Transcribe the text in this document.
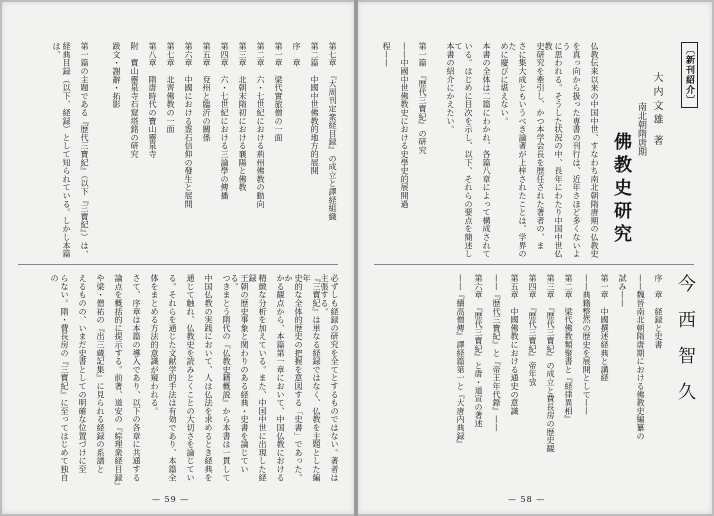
第七章　『大周刊定衆経目録』の成立と譯経組織
第二篇　中國中世佛教的地方的展開
序　章
第一章　梁代實旅僧の一面
第二章　六・七世紀における荊州佛教の動向
第三章　北朝末隋初における襄陽と佛教
第四章　六・七世紀における三論學の傳播
第五章　兗州と臨沂の關係
第六章　中國における霊石信仰の發生と展開
第七章　北齊佛教の一面
第八章　隋唐時代の寶山靈泉寺
附　寶山靈泉寺石窟塔銘の研究
跋文・謝辭・拓影
第一篇の主題である『歴代三寶紀』（以下『三寶紀』）は、
経典目録（以下、経録）として知られている。しかし本篇は、
必ずしも経録の研究を全てとするものではない。著者は主張する。
『三寶紀』は単なる経録ではなく、仏教を主題とした編年
史的な全体的歴史の把握を意図する「史書」であった。か
かる観点から、本篇第一章において、中国仏教における
精緻な分析を加えている。また、中国中世に出現した経録
王朝の歴史事象と関わりのある経典・史書を論じている。
つきまとう隋代の『仏教史籍概説』から本書は一貫して
中国仏教の実践において、人は仏法を求めるとき経典を
通じて触れ、仏教史を読みとくことの大切さを論じてい
る。それらを通じた文献学的手法は有効であり、本篇全
体をまとめる方法的意識が窺われる。
さて、序章は本篇の導入であり、以下の各章に共通する
論点を概括的に提示する。前著、道安の『綜理衆経目録』
や梁・僧祐の『出三蔵記集』に見られる経録の系譜と
えるものの、いまだ史書としての明確な位置づけに至
らない。隋・費長房の『三寶紀』に至ってはじめて独自の
— 59 —
〔新刊紹介〕
大内文雄 著
南北朝隋唐期
佛教史研究
仏教伝来以来の中国中世、すなわち南北朝隋唐期の仏教史
を真っ向から扱った専書の刊行は、近年さほど多くないよう
に思われる。そうした状況の中、長年にわたり中国中世仏教
史研究を牽引し、かつ本学会長を歴任された著者の、ま
さに集大成ともいうべき論著が上梓されたことは、学界のた
めに慶びに堪えない。
本書の全体は二篇にわかれ、各篇八章によって構成されて
いる。はじめに目次を示し、以下、それらの要点を簡述して
本書の紹介にかえたい。
第一篇　『歴代三寶紀』の研究
——中國中世佛教史における史學史的展開過
程——
今西智久
序　章　経録と史書
——魏晉南北朝隋唐期における佛教史編纂の
試み——
第一章　中國撰述経典と講経
——典籍整然の歴史を展開として——
第二章　梁代佛教類聚書と『経律異相』
第三章　『歴代三寶紀』の成立と費長房の歴史観
第四章　『歴代三寶紀』帝年攷
第五章　中國佛教における通史の意識
——『歴代三寶紀』と『帝王年代錄』——
第六章　『歴代三寶紀』と唐・道宣の著述
——『續高僧傳』譯経篇第一と『大唐内典録』
— 58 —
